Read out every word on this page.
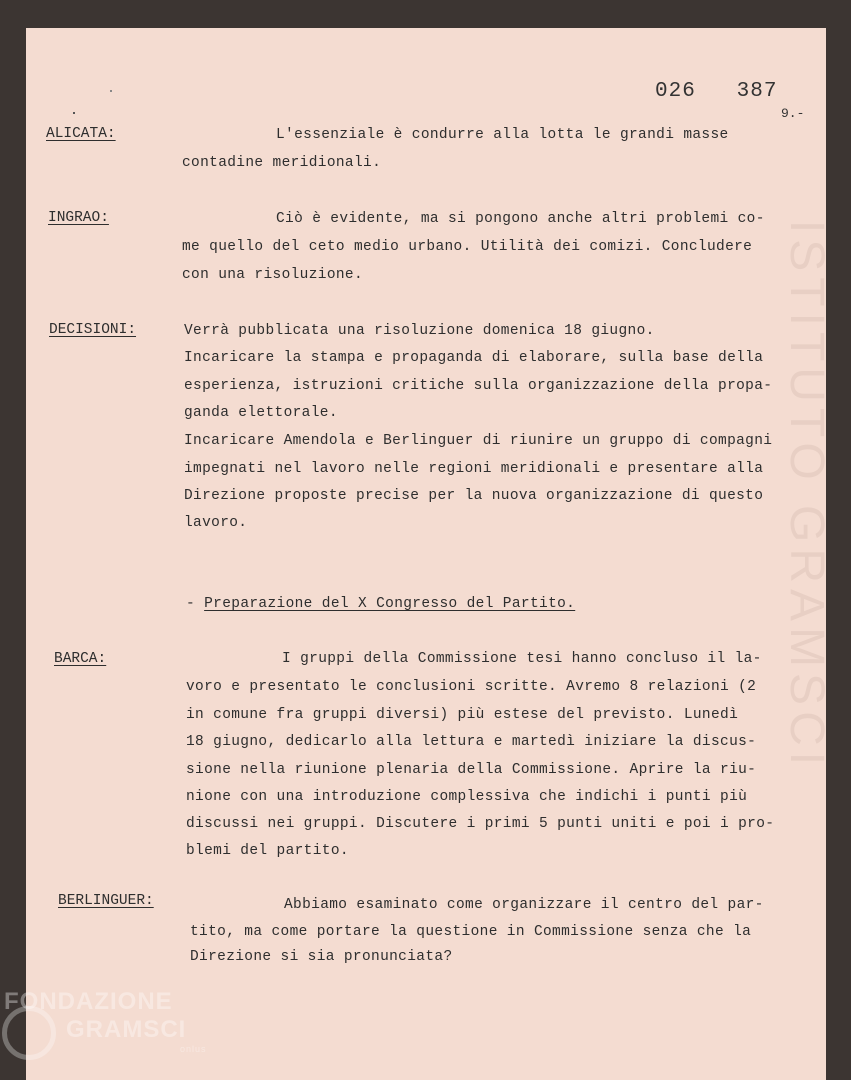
026   387
9.-
ISTITUTO GRAMSCI
ALICATA:	L'essenziale è condurre alla lotta le grandi masse
contadine meridionali.
INGRAO:	Ciò è evidente, ma si pongono anche altri problemi co-
me quello del ceto medio urbano. Utilità dei comizi. Concludere
con una risoluzione.
DECISIONI:	Verrà pubblicata una risoluzione domenica 18 giugno.
Incaricare la stampa e propaganda di elaborare, sulla base della
esperienza, istruzioni critiche sulla organizzazione della propa-
ganda elettorale.
Incaricare Amendola e Berlinguer di riunire un gruppo di compagni
impegnati nel lavoro nelle regioni meridionali e presentare alla
Direzione proposte precise per la nuova organizzazione di questo
lavoro.
- Preparazione del X Congresso del Partito.
BARCA:	I gruppi della Commissione tesi hanno concluso il la-
voro e presentato le conclusioni scritte. Avremo 8 relazioni (2
in comune fra gruppi diversi) più estese del previsto. Lunedì
18 giugno, dedicarlo alla lettura e martedì iniziare la discus-
sione nella riunione plenaria della Commissione. Aprire la riu-
nione con una introduzione complessiva che indichi i punti più
discussi nei gruppi. Discutere i primi 5 punti uniti e poi i pro-
blemi del partito.
BERLINGUER:	Abbiamo esaminato come organizzare il centro del par-
tito, ma come portare la questione in Commissione senza che la
Direzione si sia pronunciata?
FONDAZIONE
GRAMSCI
onlus
